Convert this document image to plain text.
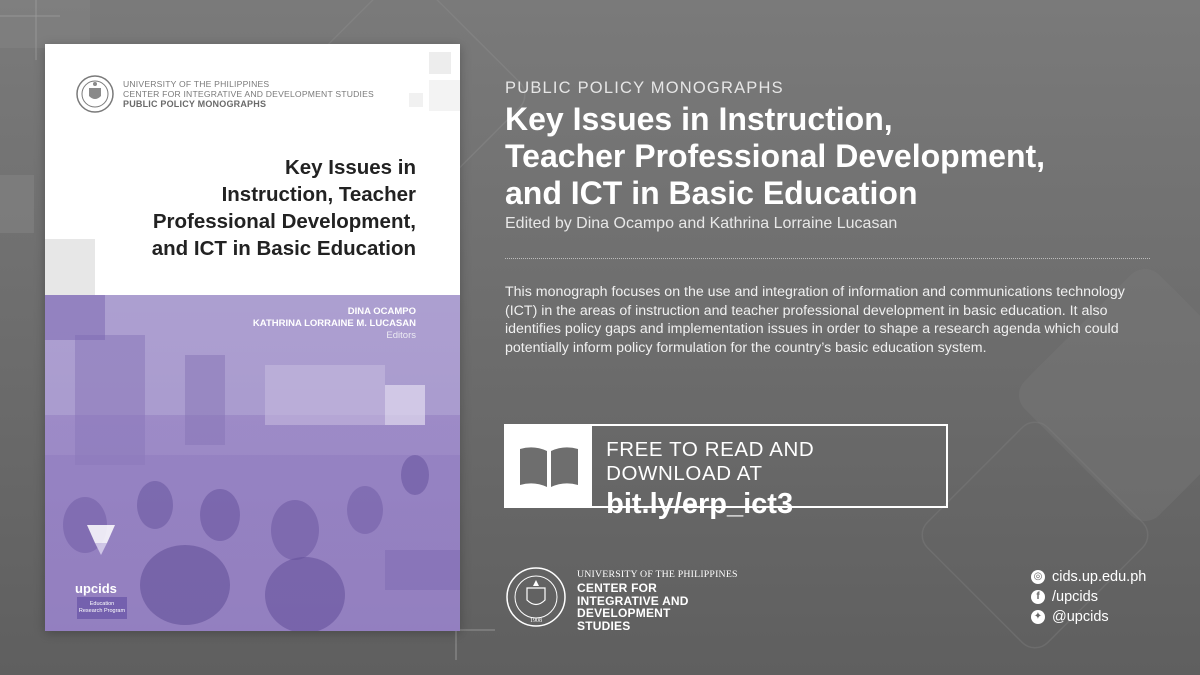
UNIVERSITY OF THE PHILIPPINES
CENTER FOR INTEGRATIVE AND DEVELOPMENT STUDIES
PUBLIC POLICY MONOGRAPHS
Key Issues in
Instruction, Teacher
Professional Development,
and ICT in Basic Education
DINA OCAMPO
KATHRINA LORRAINE M. LUCASAN
Editors
upcids
Education
Research Program
PUBLIC POLICY MONOGRAPHS
Key Issues in Instruction,
Teacher Professional Development,
and ICT in Basic Education
Edited by Dina Ocampo and Kathrina Lorraine Lucasan
This monograph focuses on the use and integration of information and communications technology (ICT) in the areas of instruction and teacher professional development in basic education. It also identifies policy gaps and implementation issues in order to shape a research agenda which could potentially inform policy formulation for the country’s basic education system.
FREE TO READ AND DOWNLOAD AT
bit.ly/erp_ict3
1908
UNIVERSITY OF THE PHILIPPINES
CENTER FOR
INTEGRATIVE AND
DEVELOPMENT
STUDIES
◎ cids.up.edu.ph
f /upcids
✦ @upcids
